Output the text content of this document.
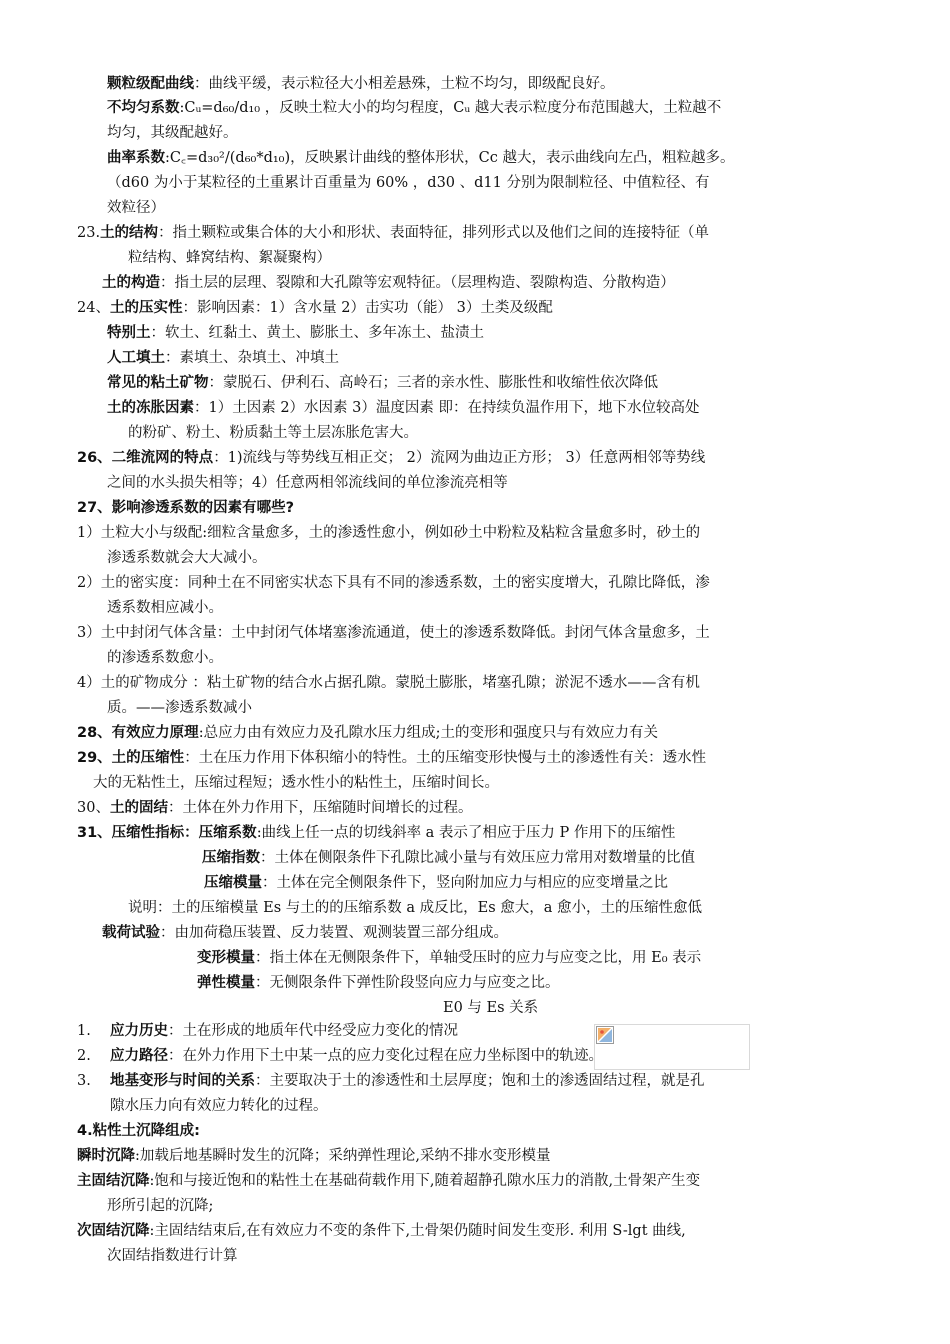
颗粒级配曲线：曲线平缓，表示粒径大小相差悬殊，土粒不均匀，即级配良好。
不均匀系数:Cᵤ=d₆₀/d₁₀ ，反映土粒大小的均匀程度，Cᵤ 越大表示粒度分布范围越大，土粒越不
均匀，其级配越好。
曲率系数:C꜀=d₃₀²/(d₆₀*d₁₀)，反映累计曲线的整体形状，Cc 越大，表示曲线向左凸，粗粒越多。
（d60 为小于某粒径的土重累计百重量为 60% ，d30 、d11 分别为限制粒径、中值粒径、有
效粒径）
23.土的结构：指土颗粒或集合体的大小和形状、表面特征，排列形式以及他们之间的连接特征（单
粒结构、蜂窝结构、絮凝聚构）
土的构造：指土层的层理、裂隙和大孔隙等宏观特征。（层理构造、裂隙构造、分散构造）
24、土的压实性：影响因素：1）含水量 2）击实功（能） 3）土类及级配
特别土：软土、红黏土、黄土、膨胀土、多年冻土、盐渍土
人工填土：素填土、杂填土、冲填土
常见的粘土矿物：蒙脱石、伊利石、高岭石；三者的亲水性、膨胀性和收缩性依次降低
土的冻胀因素：1）土因素 2）水因素 3）温度因素 即：在持续负温作用下，地下水位较高处
的粉矿、粉土、粉质黏土等土层冻胀危害大。
26、二维流网的特点：1)流线与等势线互相正交； 2）流网为曲边正方形； 3）任意两相邻等势线
之间的水头损失相等；4）任意两相邻流线间的单位渗流亮相等
27、影响渗透系数的因素有哪些?
1）土粒大小与级配:细粒含量愈多，土的渗透性愈小，例如砂土中粉粒及粘粒含量愈多时，砂土的
渗透系数就会大大减小。
2）土的密实度：同种土在不同密实状态下具有不同的渗透系数，土的密实度增大，孔隙比降低，渗
透系数相应减小。
3）土中封闭气体含量：土中封闭气体堵塞渗流通道，使土的渗透系数降低。封闭气体含量愈多，土
的渗透系数愈小。
4）土的矿物成分 ：粘土矿物的结合水占据孔隙。蒙脱土膨胀，堵塞孔隙；淤泥不透水——含有机
质。——渗透系数减小
28、有效应力原理:总应力由有效应力及孔隙水压力组成;土的变形和强度只与有效应力有关
29、土的压缩性：土在压力作用下体积缩小的特性。土的压缩变形快慢与土的渗透性有关：透水性
大的无粘性土，压缩过程短；透水性小的粘性土，压缩时间长。
30、土的固结：土体在外力作用下，压缩随时间增长的过程。
31、压缩性指标：压缩系数:曲线上任一点的切线斜率 a 表示了相应于压力 P 作用下的压缩性
压缩指数：土体在侧限条件下孔隙比减小量与有效压应力常用对数增量的比值
压缩模量：土体在完全侧限条件下，竖向附加应力与相应的应变增量之比
说明：土的压缩模量 Es 与土的的压缩系数 a 成反比，Es 愈大，a 愈小，土的压缩性愈低
载荷试验：由加荷稳压装置、反力装置、观测装置三部分组成。
变形模量：指土体在无侧限条件下，单轴受压时的应力与应变之比，用 E₀ 表示
弹性模量：无侧限条件下弹性阶段竖向应力与应变之比。
E0 与 Es 关系
1. 应力历史：土在形成的地质年代中经受应力变化的情况
2. 应力路径：在外力作用下土中某一点的应力变化过程在应力坐标图中的轨迹。
3. 地基变形与时间的关系：主要取决于土的渗透性和土层厚度；饱和土的渗透固结过程，就是孔
隙水压力向有效应力转化的过程。
4.粘性土沉降组成:
瞬时沉降:加载后地基瞬时发生的沉降；采纳弹性理论,采纳不排水变形模量
主固结沉降:饱和与接近饱和的粘性土在基础荷载作用下,随着超静孔隙水压力的消散,土骨架产生变
形所引起的沉降;
次固结沉降:主固结结束后,在有效应力不变的条件下,土骨架仍随时间发生变形. 利用 S-lgt 曲线,
次固结指数进行计算
